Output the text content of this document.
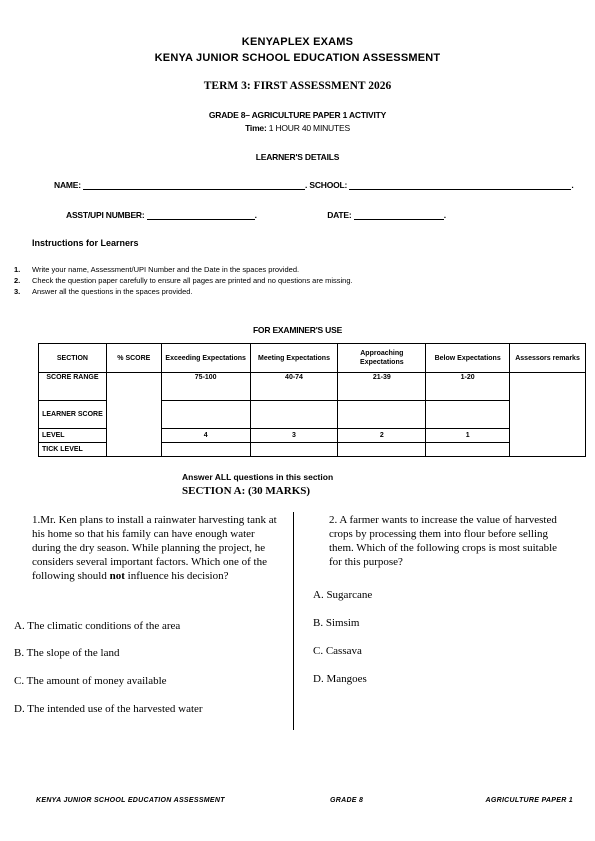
KENYAPLEX EXAMS
KENYA JUNIOR SCHOOL EDUCATION ASSESSMENT
TERM 3: FIRST ASSESSMENT 2026
GRADE 8– AGRICULTURE PAPER 1 ACTIVITY
Time: 1 HOUR 40 MINUTES
LEARNER'S DETAILS
NAME:	. SCHOOL:	.
ASST/UPI NUMBER:	.	DATE:	.
Instructions for Learners
1. Write your name, Assessment/UPI Number and the Date in the spaces provided.
2. Check the question paper carefully to ensure all pages are printed and no questions are missing.
3. Answer all the questions in the spaces provided.
FOR EXAMINER'S USE
SECTION	% SCORE	Exceeding Expectations	Meeting Expectations	Approaching Expectations	Below Expectations	Assessors remarks
SCORE RANGE		75-100	40-74	21-39	1-20	
LEARNER SCORE						
LEVEL		4	3	2	1	
TICK LEVEL						
Answer ALL questions in this section
SECTION A: (30 MARKS)
1.Mr. Ken plans to install a rainwater harvesting tank at his home so that his family can have enough water during the dry season. While planning the project, he considers several important factors. Which one of the following should not influence his decision?
A. The climatic conditions of the area
B. The slope of the land
C. The amount of money available
D. The intended use of the harvested water
2. A farmer wants to increase the value of harvested crops by processing them into flour before selling them. Which of the following crops is most suitable for this purpose?
A. Sugarcane
B. Simsim
C. Cassava
D. Mangoes
KENYA JUNIOR SCHOOL EDUCATION ASSESSMENT	GRADE 8	AGRICULTURE PAPER 1
